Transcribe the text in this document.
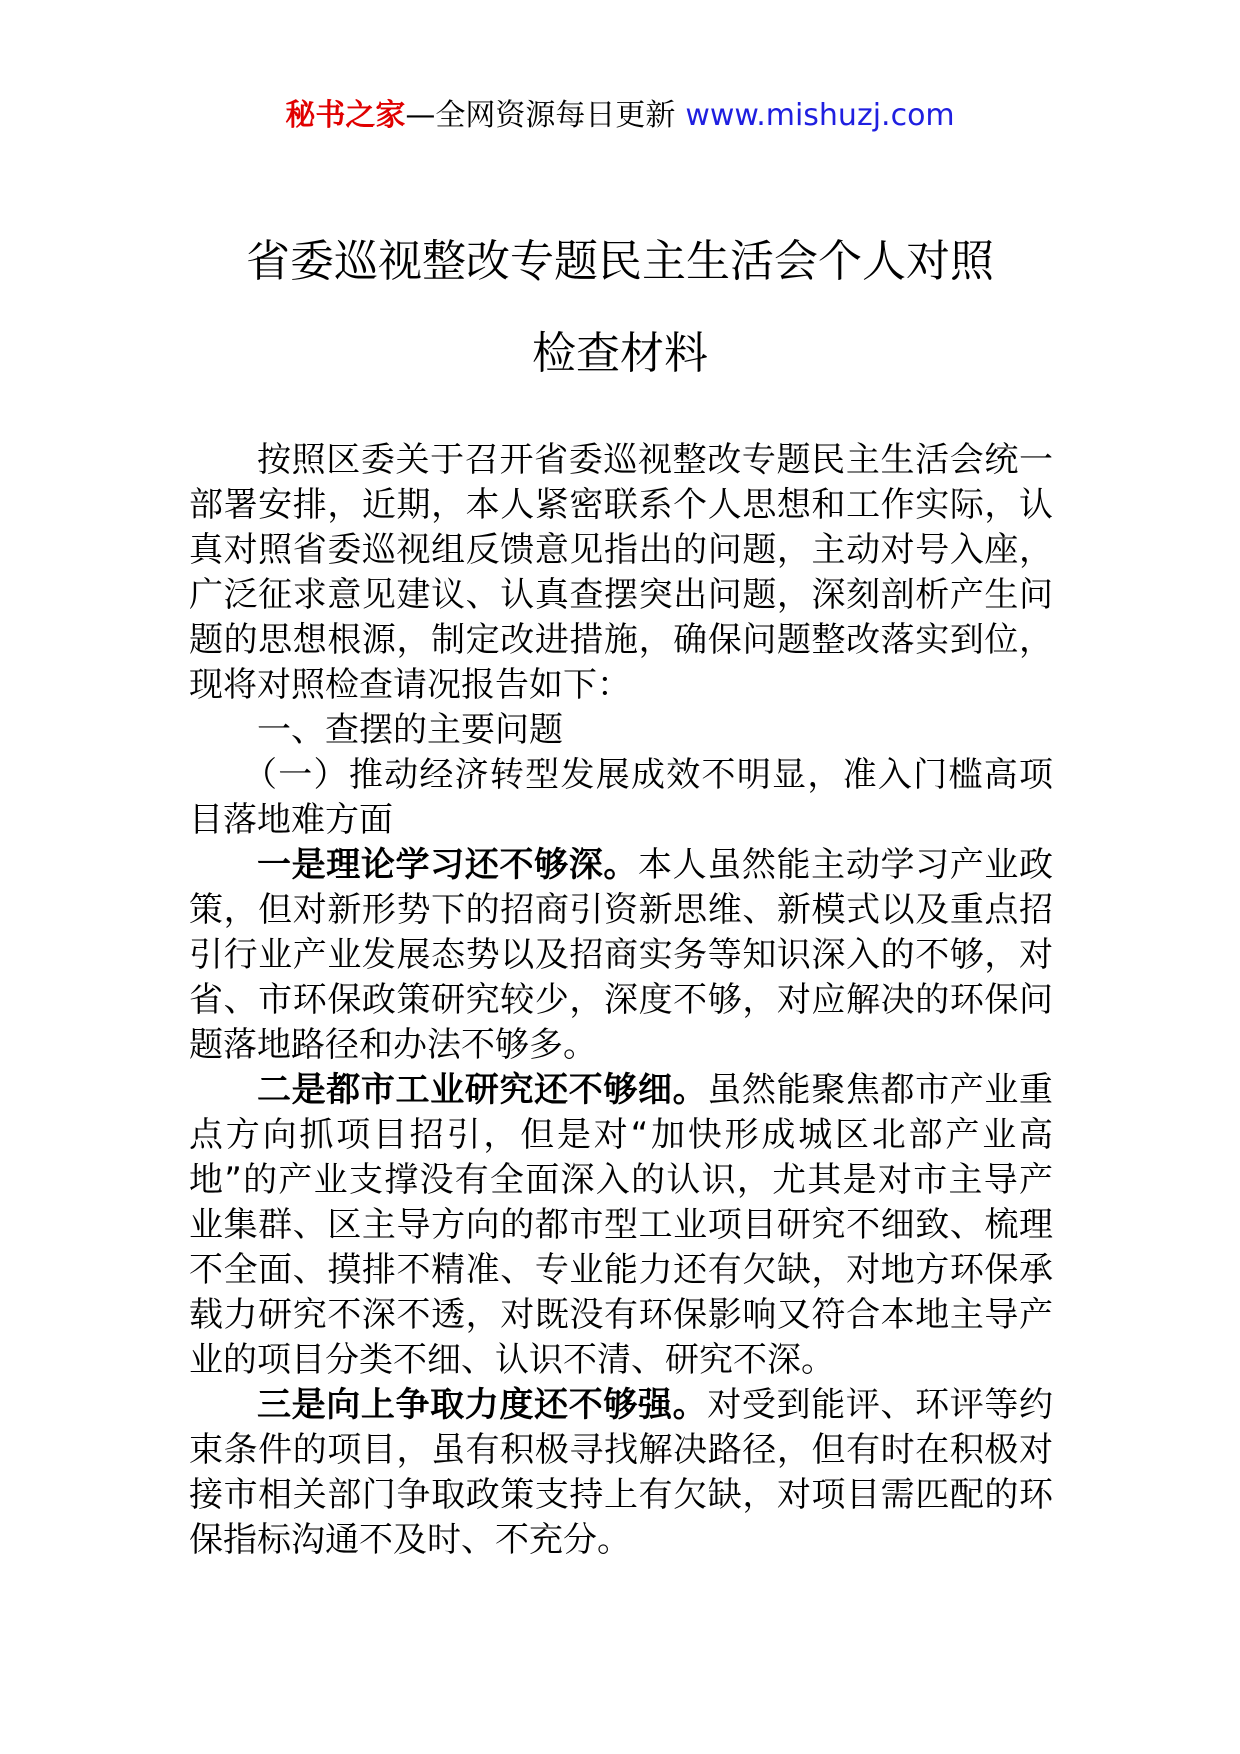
秘书之家—全网资源每日更新 www.mishuzj.com
省委巡视整改专题民主生活会个人对照
检查材料

按照区委关于召开省委巡视整改专题民主生活会统一部署安排，近期，本人紧密联系个人思想和工作实际，认真对照省委巡视组反馈意见指出的问题，主动对号入座，广泛征求意见建议、认真查摆突出问题，深刻剖析产生问题的思想根源，制定改进措施，确保问题整改落实到位，现将对照检查请况报告如下：

一、查摆的主要问题

（一）推动经济转型发展成效不明显，准入门槛高项目落地难方面

一是理论学习还不够深。本人虽然能主动学习产业政策，但对新形势下的招商引资新思维、新模式以及重点招引行业产业发展态势以及招商实务等知识深入的不够，对省、市环保政策研究较少，深度不够，对应解决的环保问题落地路径和办法不够多。

二是都市工业研究还不够细。虽然能聚焦都市产业重点方向抓项目招引，但是对“加快形成城区北部产业高地”的产业支撑没有全面深入的认识，尤其是对市主导产业集群、区主导方向的都市型工业项目研究不细致、梳理不全面、摸排不精准、专业能力还有欠缺，对地方环保承载力研究不深不透，对既没有环保影响又符合本地主导产业的项目分类不细、认识不清、研究不深。

三是向上争取力度还不够强。对受到能评、环评等约束条件的项目，虽有积极寻找解决路径，但有时在积极对接市相关部门争取政策支持上有欠缺，对项目需匹配的环保指标沟通不及时、不充分。
